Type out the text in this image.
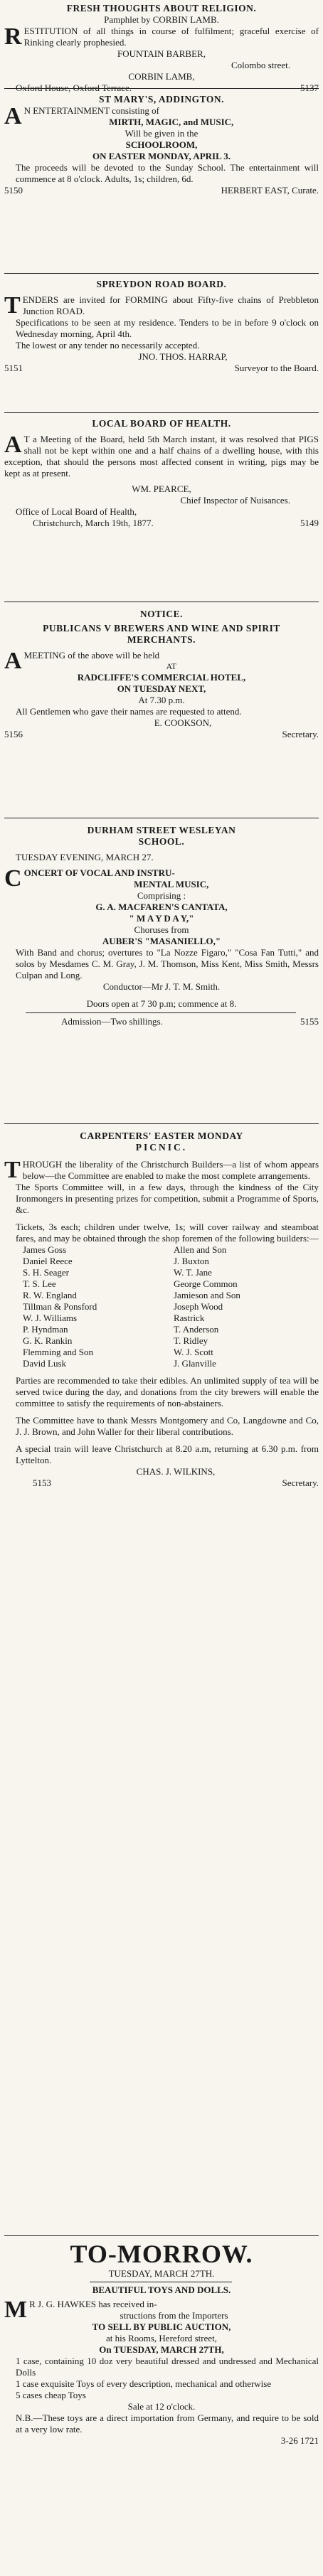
FRESH THOUGHTS ABOUT RELIGION.
Pamphlet by CORBIN LAMB.
RESTITUTION of all things in course of fulfilment; graceful exercise of Rinking clearly prophesied.
FOUNTAIN BARBER,
Colombo street.
CORBIN LAMB,
Oxford House, Oxford Terrace.	5137
ST MARY'S, ADDINGTON.
A N ENTERTAINMENT consisting of
MIRTH, MAGIC, and MUSIC,
Will be given in the
SCHOOLROOM,
ON EASTER MONDAY, APRIL 3.
The proceeds will be devoted to the Sunday School. The entertainment will commence at 8 o'clock. Adults, 1s; children, 6d.
5150	HERBERT EAST, Curate.
SPREYDON ROAD BOARD.
TENDERS are invited for FORMING about Fifty-five chains of Prebbleton Junction ROAD.
Specifications to be seen at my residence. Tenders to be in before 9 o'clock on Wednesday morning, April 4th.
The lowest or any tender no necessarily accepted.
JNO. THOS. HARRAP,
5151	Surveyor to the Board.
LOCAL BOARD OF HEALTH.
A T a Meeting of the Board, held 5th March instant, it was resolved that PIGS shall not be kept within one and a half chains of a dwelling house, with this exception, that should the persons most affected consent in writing, pigs may be kept as at present.
WM. PEARCE,
Chief Inspector of Nuisances.
Office of Local Board of Health,
Christchurch, March 19th, 1877.	5149
NOTICE.
PUBLICANS V BREWERS AND WINE AND SPIRIT MERCHANTS.
AMEETING of the above will be held
AT
RADCLIFFE'S COMMERCIAL HOTEL,
ON TUESDAY NEXT,
At 7.30 p.m.
All Gentlemen who gave their names are requested to attend.
E. COOKSON,
5156	Secretary.
DURHAM STREET WESLEYAN
SCHOOL.
TUESDAY EVENING, MARCH 27.
CONCERT OF VOCAL AND INSTRU-
MENTAL MUSIC,
Comprising :
G. A. MACFAREN'S CANTATA,
" M A Y D A Y,"
Choruses from
AUBER'S "MASANIELLO,"
With Band and chorus; overtures to "La Nozze Figaro," "Cosa Fan Tutti," and solos by Mesdames C. M. Gray, J. M. Thomson, Miss Kent, Miss Smith, Messrs Culpan and Long.
Conductor—Mr J. T. M. Smith.
Doors open at 7 30 p.m; commence at 8.
Admission—Two shillings.	5155
CARPENTERS' EASTER MONDAY
PICNIC.
THROUGH the liberality of the Christchurch Builders—a list of whom appears below—the Committee are enabled to make the most complete arrangements.
The Sports Committee will, in a few days, through the kindness of the City Ironmongers in presenting prizes for competition, submit a Programme of Sports, &c.
Tickets, 3s each; children under twelve, 1s; will cover railway and steamboat fares, and may be obtained through the shop foremen of the following builders:—
James Goss	Allen and Son
Daniel Reece	J. Buxton
S. H. Seager	W. T. Jane
T. S. Lee	George Common
R. W. England	Jamieson and Son
Tillman & Ponsford	Joseph Wood
W. J. Williams	Rastrick
P. Hyndman	T. Anderson
G. K. Rankin	T. Ridley
Flemming and Son	W. J. Scott
David Lusk	J. Glanville
Parties are recommended to take their edibles. An unlimited supply of tea will be served twice during the day, and donations from the city brewers will enable the committee to satisfy the requirements of non-abstainers.
The Committee have to thank Messrs Montgomery and Co, Langdowne and Co, J. J. Brown, and John Waller for their liberal contributions.
A special train will leave Christchurch at 8.20 a.m, returning at 6.30 p.m. from Lyttelton.
CHAS. J. WILKINS,
5153	Secretary.
TO-MORROW.
TUESDAY, MARCH 27TH.
BEAUTIFUL TOYS AND DOLLS.
M R J. G. HAWKES has received in-
structions from the Importers
TO SELL BY PUBLIC AUCTION,
at his Rooms, Hereford street,
On TUESDAY, MARCH 27TH,
1 case, containing 10 doz very beautiful dressed and undressed and Mechanical Dolls
1 case exquisite Toys of every description, mechanical and otherwise
5 cases cheap Toys
Sale at 12 o'clock.
N.B.—These toys are a direct importation from Germany, and require to be sold at a very low rate.
3-26 1721
